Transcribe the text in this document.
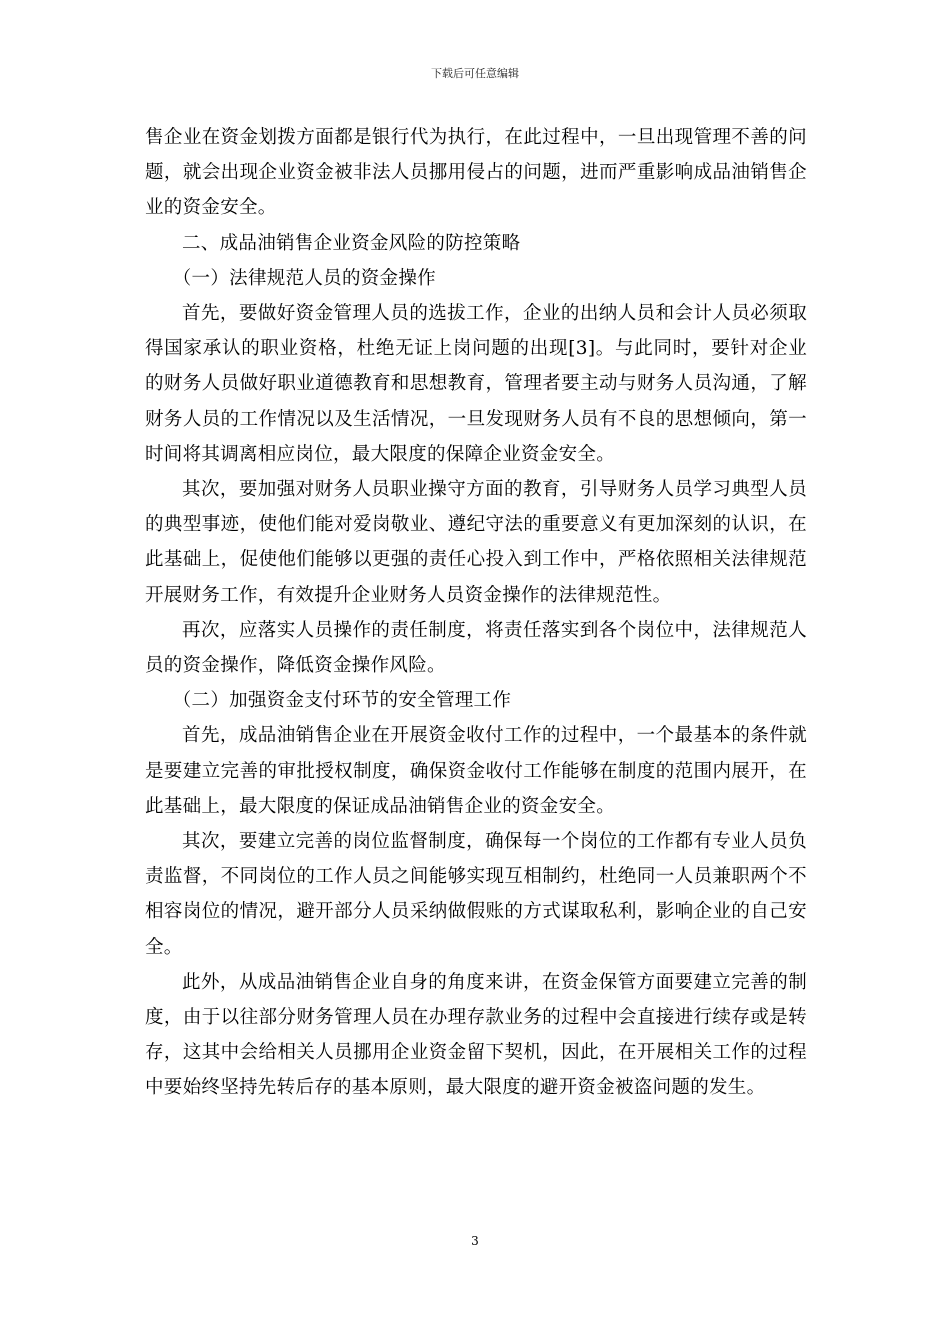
下载后可任意编辑

售企业在资金划拨方面都是银行代为执行，在此过程中，一旦出现管理不善的问题，就会出现企业资金被非法人员挪用侵占的问题，进而严重影响成品油销售企业的资金安全。

二、成品油销售企业资金风险的防控策略

（一）法律规范人员的资金操作

首先，要做好资金管理人员的选拔工作，企业的出纳人员和会计人员必须取得国家承认的职业资格，杜绝无证上岗问题的出现[3]。与此同时，要针对企业的财务人员做好职业道德教育和思想教育，管理者要主动与财务人员沟通，了解财务人员的工作情况以及生活情况，一旦发现财务人员有不良的思想倾向，第一时间将其调离相应岗位，最大限度的保障企业资金安全。

其次，要加强对财务人员职业操守方面的教育，引导财务人员学习典型人员的典型事迹，使他们能对爱岗敬业、遵纪守法的重要意义有更加深刻的认识，在此基础上，促使他们能够以更强的责任心投入到工作中，严格依照相关法律规范开展财务工作，有效提升企业财务人员资金操作的法律规范性。

再次，应落实人员操作的责任制度，将责任落实到各个岗位中，法律规范人员的资金操作，降低资金操作风险。

（二）加强资金支付环节的安全管理工作

首先，成品油销售企业在开展资金收付工作的过程中，一个最基本的条件就是要建立完善的审批授权制度，确保资金收付工作能够在制度的范围内展开，在此基础上，最大限度的保证成品油销售企业的资金安全。

其次，要建立完善的岗位监督制度，确保每一个岗位的工作都有专业人员负责监督，不同岗位的工作人员之间能够实现互相制约，杜绝同一人员兼职两个不相容岗位的情况，避开部分人员采纳做假账的方式谋取私利，影响企业的自己安全。

此外，从成品油销售企业自身的角度来讲，在资金保管方面要建立完善的制度，由于以往部分财务管理人员在办理存款业务的过程中会直接进行续存或是转存，这其中会给相关人员挪用企业资金留下契机，因此，在开展相关工作的过程中要始终坚持先转后存的基本原则，最大限度的避开资金被盗问题的发生。

3
